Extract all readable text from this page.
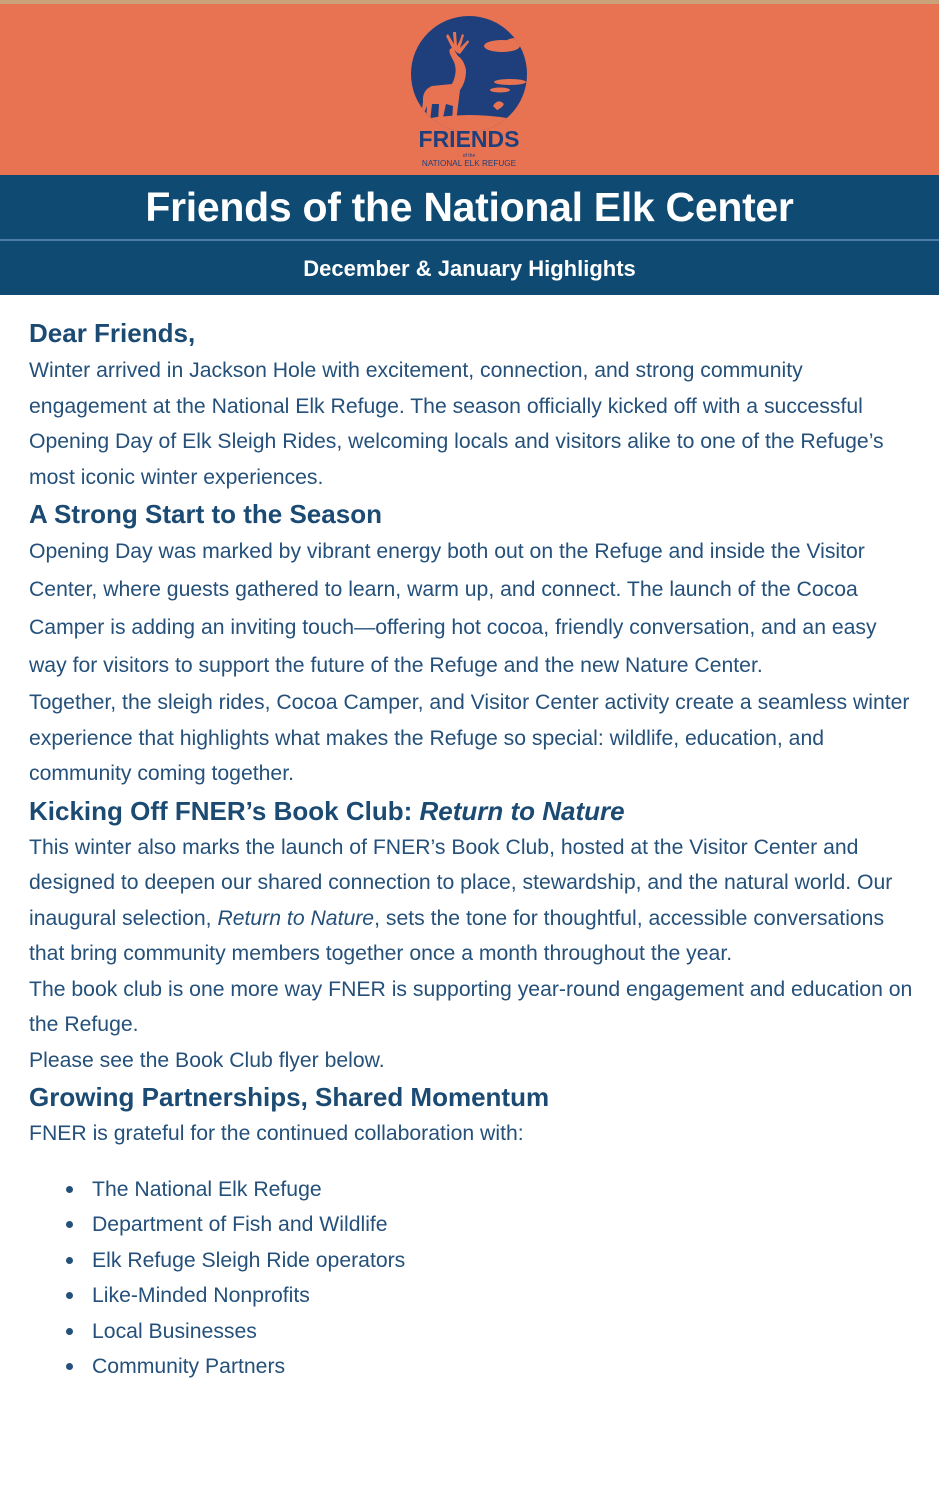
FRIENDS
of the
NATIONAL ELK REFUGE
Friends of the National Elk Center
December & January Highlights
Dear Friends,

Winter arrived in Jackson Hole with excitement, connection, and strong community engagement at the National Elk Refuge. The season officially kicked off with a successful Opening Day of Elk Sleigh Rides, welcoming locals and visitors alike to one of the Refuge’s most iconic winter experiences.

A Strong Start to the Season

Opening Day was marked by vibrant energy both out on the Refuge and inside the Visitor Center, where guests gathered to learn, warm up, and connect. The launch of the Cocoa Camper is adding an inviting touch—offering hot cocoa, friendly conversation, and an easy way for visitors to support the future of the Refuge and the new Nature Center.

Together, the sleigh rides, Cocoa Camper, and Visitor Center activity create a seamless winter experience that highlights what makes the Refuge so special: wildlife, education, and community coming together.

Kicking Off FNER’s Book Club: Return to Nature

This winter also marks the launch of FNER’s Book Club, hosted at the Visitor Center and designed to deepen our shared connection to place, stewardship, and the natural world. Our inaugural selection, Return to Nature, sets the tone for thoughtful, accessible conversations that bring community members together once a month throughout the year.

The book club is one more way FNER is supporting year-round engagement and education on the Refuge.

Please see the Book Club flyer below.

Growing Partnerships, Shared Momentum

FNER is grateful for the continued collaboration with:

The National Elk Refuge
Department of Fish and Wildlife
Elk Refuge Sleigh Ride operators
Like-Minded Nonprofits
Local Businesses
Community Partners
